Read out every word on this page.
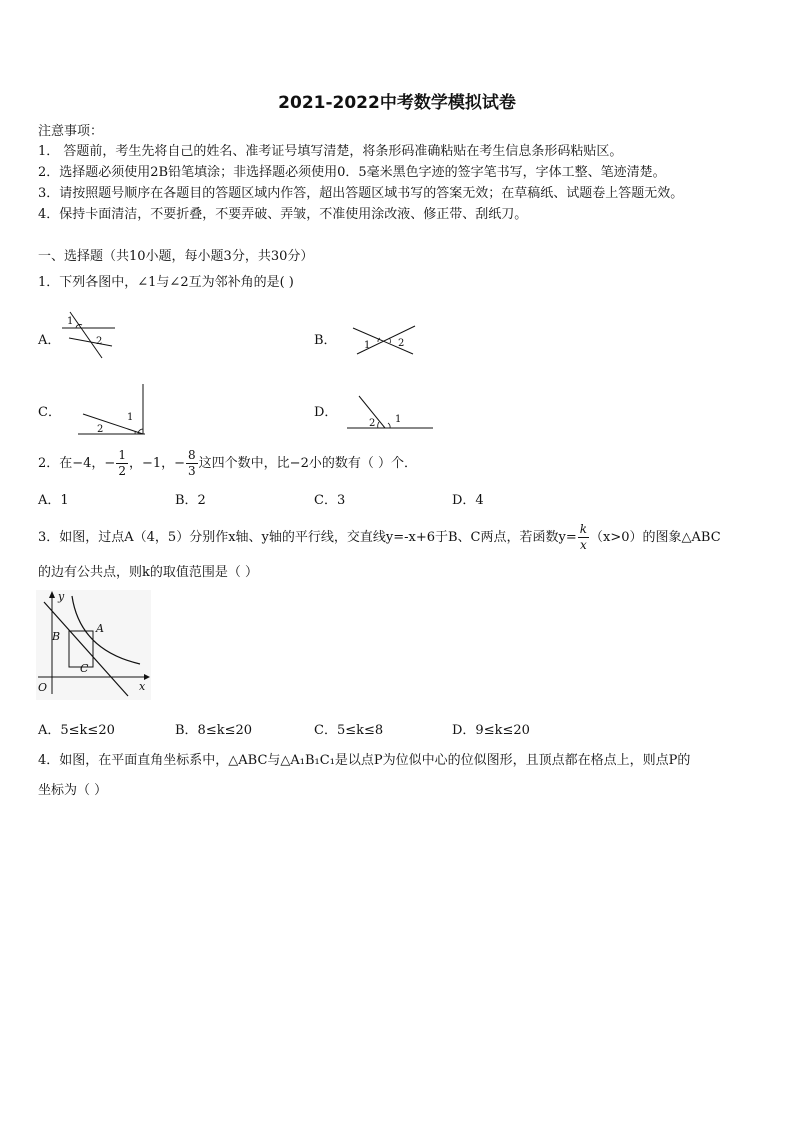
2021-2022中考数学模拟试卷
注意事项：
1． 答题前，考生先将自己的姓名、准考证号填写清楚，将条形码准确粘贴在考生信息条形码粘贴区。
2．选择题必须使用2B铅笔填涂；非选择题必须使用0．5毫米黑色字迹的签字笔书写，字体工整、笔迹清楚。
3．请按照题号顺序在各题目的答题区域内作答，超出答题区域书写的答案无效；在草稿纸、试题卷上答题无效。
4．保持卡面清洁，不要折叠，不要弄破、弄皱，不准使用涂改液、修正带、刮纸刀。
一、选择题（共10小题，每小题3分，共30分）
1．下列各图中，∠1与∠2互为邻补角的是( )
A．
1
2	B．	1	2
C．	1
2
D．
2 1
2．在−4，− $\frac{1}{2}$ ，−1，− $\frac{8}{3}$ 这四个数中，比−2小的数有（ ）个．
A．1	B．2	C．3	D．4
3．如图，过点A（4，5）分别作x轴、y轴的平行线，交直线y=-x+6于B、C两点，若函数$y= \frac{k}{x} (x>0)$的图象△ABC
的边有公共点，则k的取值范围是（ ）
y
x
O
A
B
C
A．5≤k≤20	B．8≤k≤20	C．5≤k≤8	D．9≤k≤20
4．如图，在平面直角坐标系中，△ABC与△A₁B₁C₁是以点P为位似中心的位似图形，且顶点都在格点上，则点P的
坐标为（ ）
